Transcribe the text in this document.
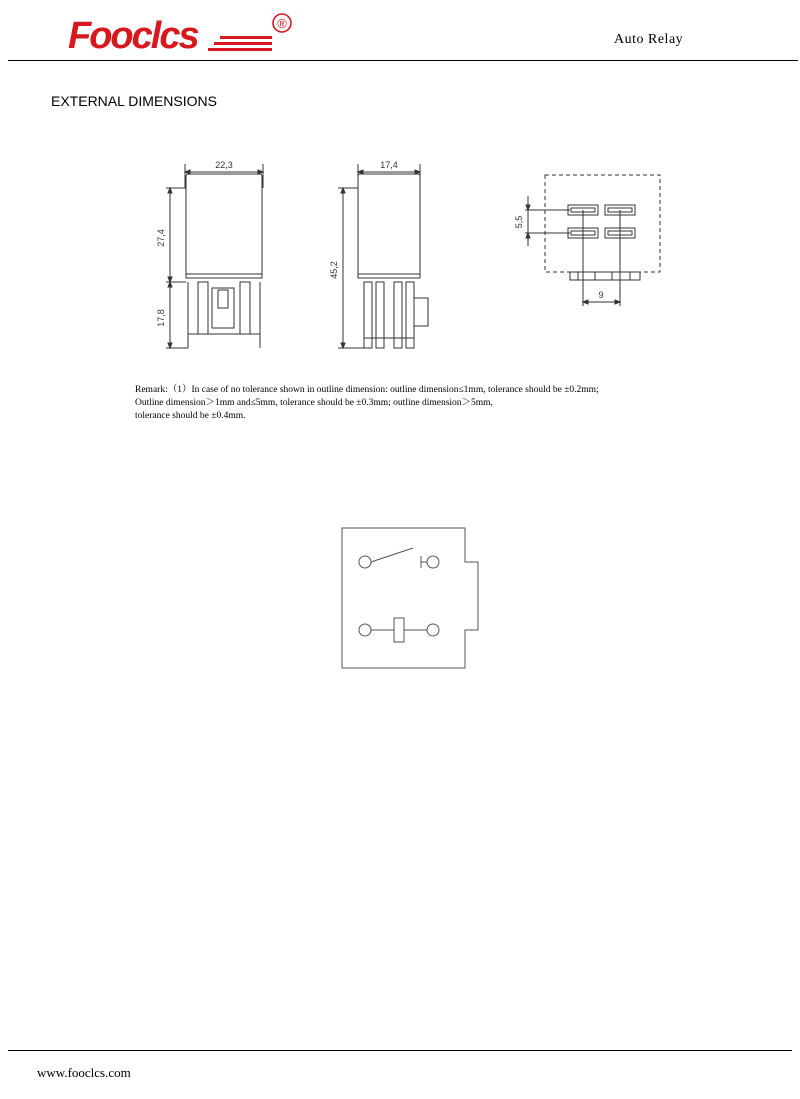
Fooclcs	®
Auto Relay
EXTERNAL DIMENSIONS
22,3
27,4
17,8
17,4
45,2
5,5
9

Remark:（1）In case of no tolerance shown in outline dimension: outline dimension≤1mm, tolerance should be ±0.2mm;

Outline dimension＞1mm and≤5mm, tolerance should be ±0.3mm; outline dimension＞5mm,

tolerance should be ±0.4mm.

www.fooclcs.com
